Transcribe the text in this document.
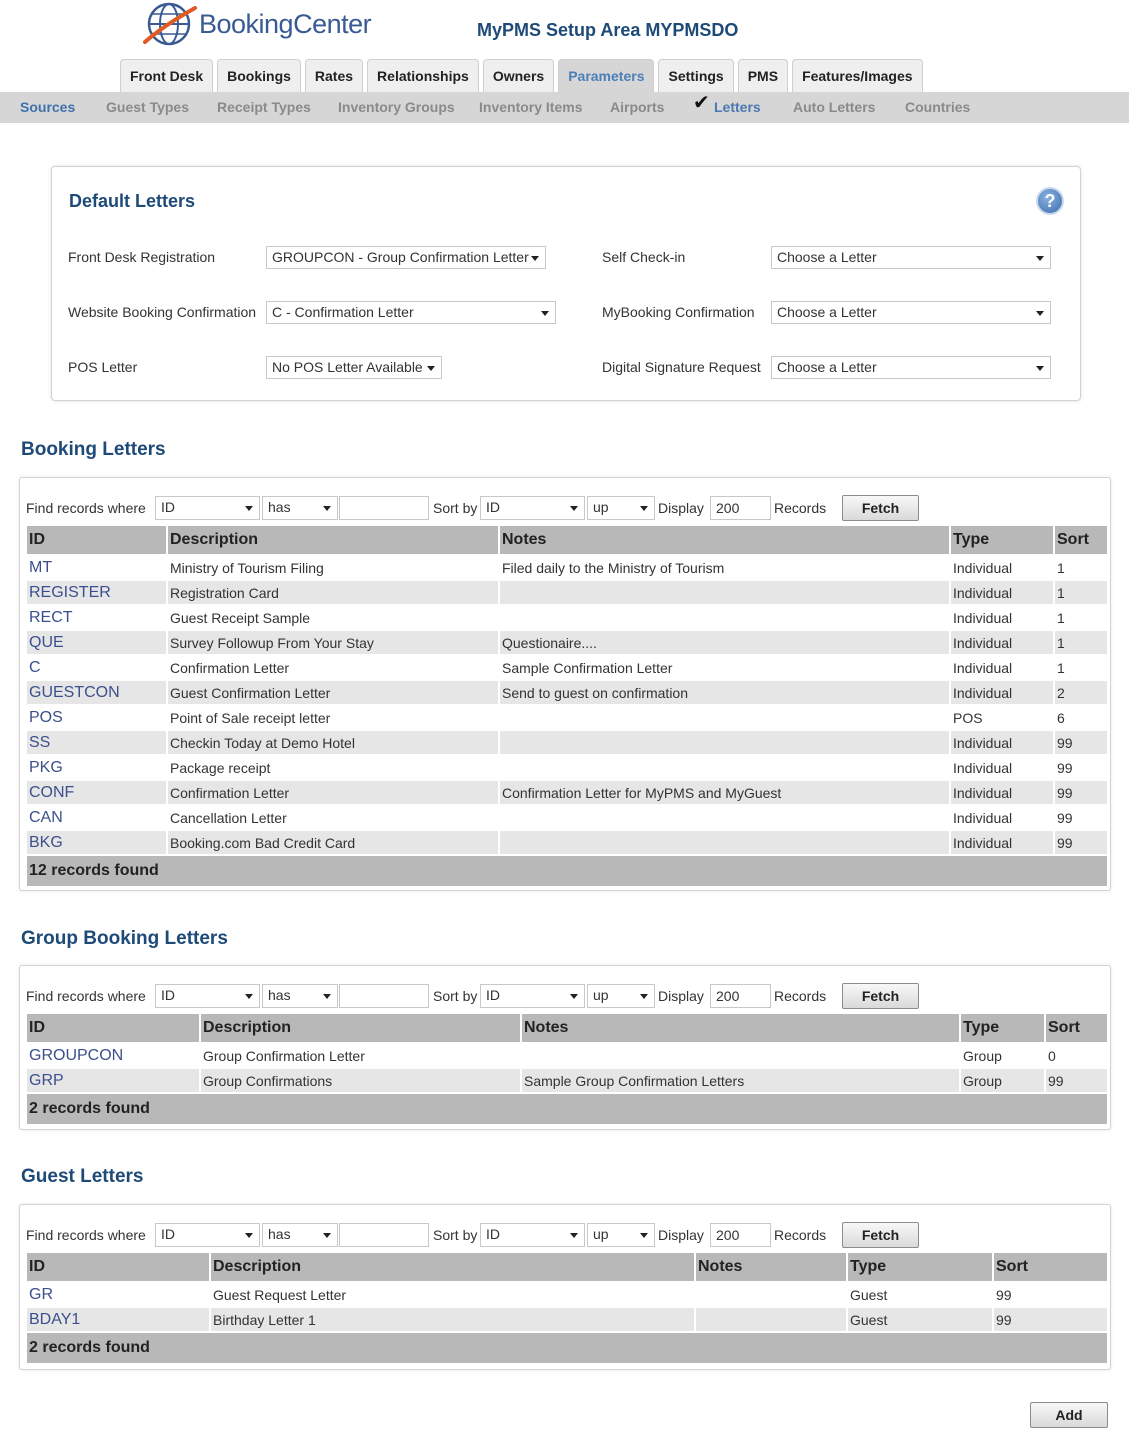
BookingCenter	MyPMS Setup Area MYPMSDO
Front Desk	Bookings	Rates	Relationships	Owners	Parameters	Settings	PMS	Features/Images
Sources Guest Types Receipt Types Inventory Groups Inventory Items Airports	Letters Auto Letters Countries
✔
Default Letters	?
Front Desk Registration	GROUPCON - Group Confirmation Letter
Website Booking Confirmation	C - Confirmation Letter
POS Letter	No POS Letter Available
Self Check-in	Choose a Letter
MyBooking Confirmation	Choose a Letter
Digital Signature Request	Choose a Letter
Booking Letters
Find records where	ID	has	Sort by ID	up	Display 200	Records	Fetch
ID	Description	Notes	Type	Sort
MT	Ministry of Tourism Filing	Filed daily to the Ministry of Tourism	Individual	1
REGISTER	Registration Card		Individual	1
RECT	Guest Receipt Sample		Individual	1
QUE	Survey Followup From Your Stay	Questionaire....	Individual	1
C	Confirmation Letter	Sample Confirmation Letter	Individual	1
GUESTCON	Guest Confirmation Letter	Send to guest on confirmation	Individual	2
POS	Point of Sale receipt letter		POS	6
SS	Checkin Today at Demo Hotel		Individual	99
PKG	Package receipt		Individual	99
CONF	Confirmation Letter	Confirmation Letter for MyPMS and MyGuest	Individual	99
CAN	Cancellation Letter		Individual	99
BKG	Booking.com Bad Credit Card		Individual	99
12 records found				
Group Booking Letters
Find records where	ID	has	Sort by ID	up	Display 200	Records	Fetch
ID	Description	Notes	Type	Sort
GROUPCON	Group Confirmation Letter		Group	0
GRP	Group Confirmations	Sample Group Confirmation Letters	Group	99
2 records found				
Guest Letters
Find records where	ID	has	Sort by ID	up	Display 200	Records	Fetch
ID	Description	Notes	Type	Sort
GR	Guest Request Letter		Guest	99
BDAY1	Birthday Letter 1		Guest	99
2 records found				
Add
